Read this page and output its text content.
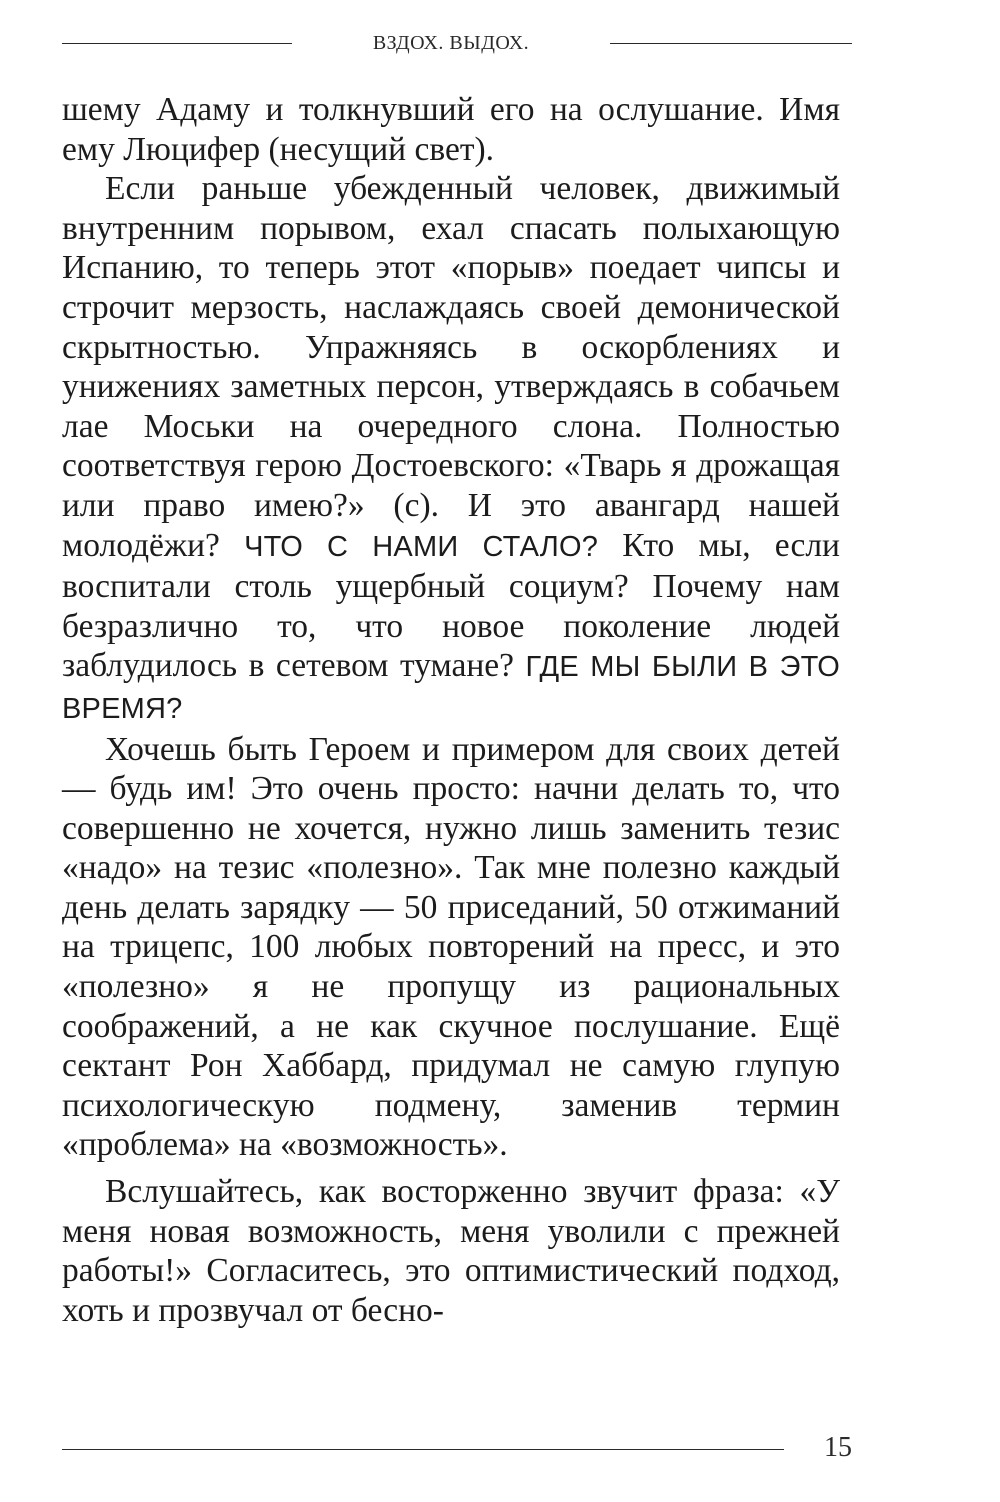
ВЗДОХ. ВЫДОХ.

шему Адаму и толкнувший его на ослушание. Имя ему Люцифер (несущий свет).

Если раньше убежденный человек, движимый внутренним порывом, ехал спасать полыхающую Испанию, то теперь этот «порыв» поедает чипсы и строчит мерзость, наслаждаясь своей демонической скрытностью. Упражняясь в оскорблениях и унижениях заметных персон, утверждаясь в собачьем лае Моськи на очередного слона. Полностью соответствуя герою Достоевского: «Тварь я дрожащая или право имею?» (с). И это авангард нашей молодёжи? ЧТО С НАМИ СТАЛО? Кто мы, если воспитали столь ущербный социум? Почему нам безразлично то, что новое поколение людей заблудилось в сетевом тумане? ГДЕ МЫ БЫЛИ В ЭТО ВРЕМЯ?

Хочешь быть Героем и примером для своих детей — будь им! Это очень просто: начни делать то, что совершенно не хочется, нужно лишь заменить тезис «надо» на тезис «полезно». Так мне полезно каждый день делать зарядку — 50 приседаний, 50 отжиманий на трицепс, 100 любых повторений на пресс, и это «полезно» я не пропущу из рациональных соображений, а не как скучное послушание. Ещё сектант Рон Хаббард, придумал не самую глупую психологическую подмену, заменив термин «проблема» на «возможность».

Вслушайтесь, как восторженно звучит фраза: «У меня новая возможность, меня уволили с прежней работы!» Согласитесь, это оптимистический подход, хоть и прозвучал от бесно-

15
